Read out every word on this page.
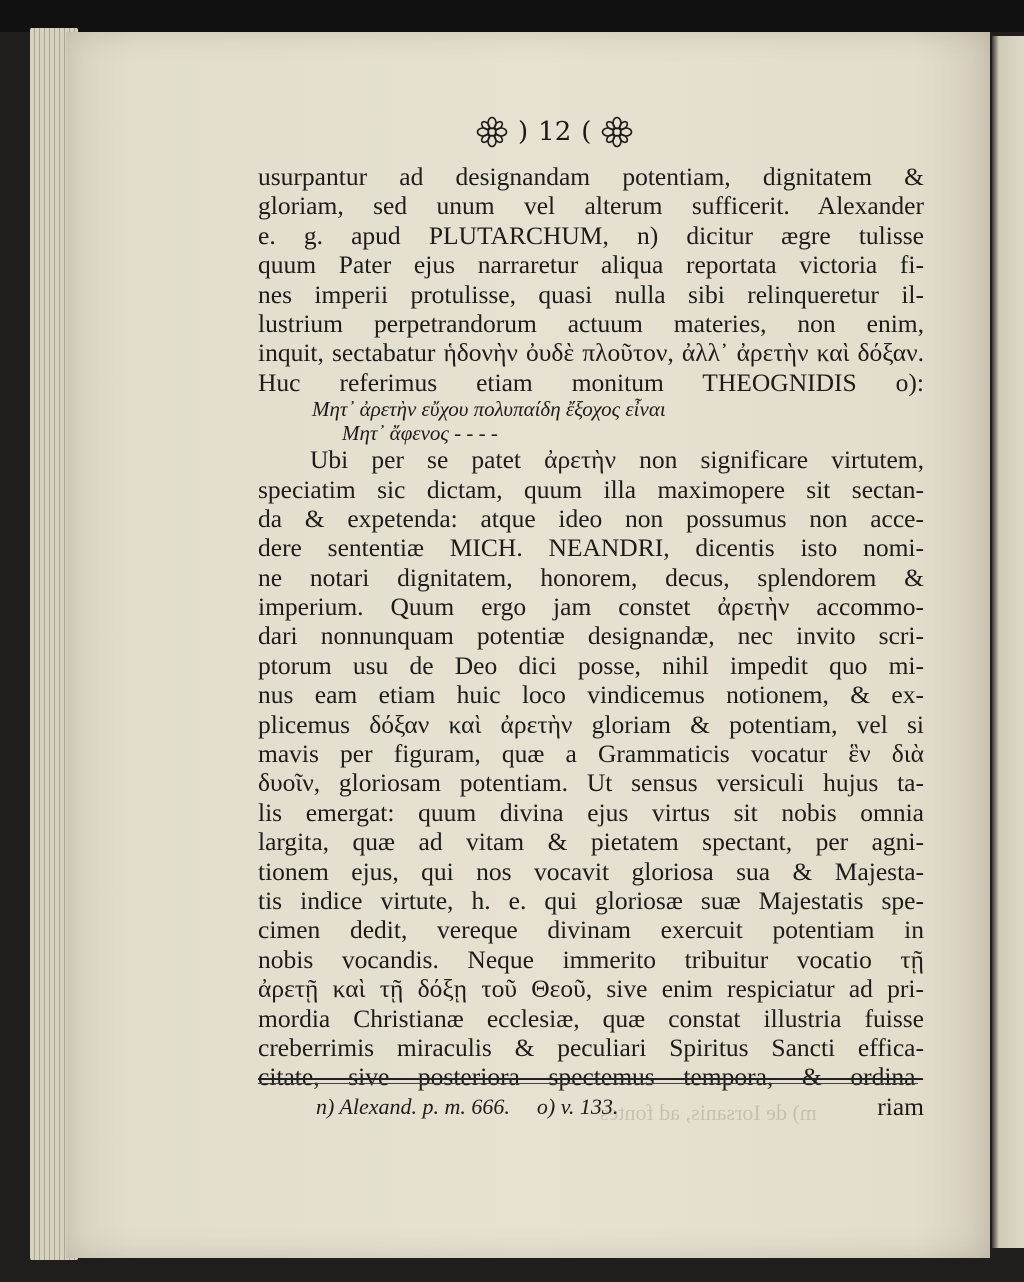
) 12 (
usurpantur ad designandam potentiam, dignitatem &
gloriam, sed unum vel alterum sufficerit. Alexander
e. g. apud PLUTARCHUM, n) dicitur ægre tulisse
quum Pater ejus narraretur aliqua reportata victoria fi-
nes imperii protulisse, quasi nulla sibi relinqueretur il-
lustrium perpetrandorum actuum materies, non enim,
inquit, sectabatur ἡδονὴν ὀυδὲ πλοῦτον, ἀλλ᾽ ἀρετὴν καὶ δόξαν.
Huc referimus etiam monitum THEOGNIDIS o):
Μητ᾽ ἀρετὴν εὔχου πολυπαίδη ἔξοχος εἶναι
Μητ᾽ ἄφενος - - - -
Ubi per se patet ἀρετὴν non significare virtutem,
speciatim sic dictam, quum illa maximopere sit sectan-
da & expetenda: atque ideo non possumus non acce-
dere sententiæ MICH. NEANDRI, dicentis isto nomi-
ne notari dignitatem, honorem, decus, splendorem &
imperium. Quum ergo jam constet ἀρετὴν accommo-
dari nonnunquam potentiæ designandæ, nec invito scri-
ptorum usu de Deo dici posse, nihil impedit quo mi-
nus eam etiam huic loco vindicemus notionem, & ex-
plicemus δόξαν καὶ ἀρετὴν gloriam & potentiam, vel si
mavis per figuram, quæ a Grammaticis vocatur ἓν διὰ
δυοῖν, gloriosam potentiam. Ut sensus versiculi hujus ta-
lis emergat: quum divina ejus virtus sit nobis omnia
largita, quæ ad vitam & pietatem spectant, per agni-
tionem ejus, qui nos vocavit gloriosa sua & Majesta-
tis indice virtute, h. e. qui gloriosæ suæ Majestatis spe-
cimen dedit, vereque divinam exercuit potentiam in
nobis vocandis. Neque immerito tribuitur vocatio τῇ
ἀρετῇ καὶ τῇ δόξῃ τοῦ Θεοῦ, sive enim respiciatur ad pri-
mordia Christianæ ecclesiæ, quæ constat illustria fuisse
creberrimis miraculis & peculiari Spiritus Sancti effica-
citate, sive posteriora spectemus tempora, & ordina-
riam
n) Alexand. p. m. 666. o) v. 133.
m) de Iorsanis, ad fontes
